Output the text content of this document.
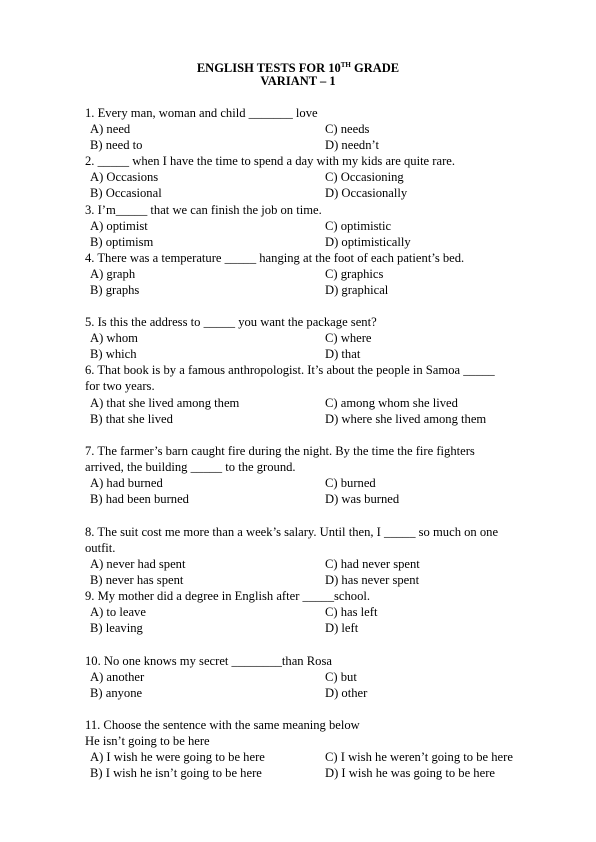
ENGLISH TESTS FOR 10TH GRADE
VARIANT – 1
1. Every man, woman and child _______ love
A) need	C) needs
B) need to	D) needn’t
2. _____ when I have the time to spend a day with my kids are quite rare.
A) Occasions	C) Occasioning
B) Occasional	D) Occasionally
3. I’m_____ that we can finish the job on time.
A) optimist	C) optimistic
B) optimism	D) optimistically
4. There was a temperature _____ hanging at the foot of each patient’s bed.
A) graph	C) graphics
B) graphs	D) graphical
5. Is this the address to _____ you want the package sent?
A) whom	C) where
B) which	D) that
6. That book is by a famous anthropologist. It’s about the people in Samoa _____
for two years.
A) that she lived among them	C) among whom she lived
B) that she lived	D) where she lived among them
7. The farmer’s barn caught fire during the night. By the time the fire fighters
arrived, the building _____ to the ground.
A) had burned	C) burned
B) had been burned	D) was burned
8. The suit cost me more than a week’s salary. Until then, I _____ so much on one
outfit.
A) never had spent	C) had never spent
B) never has spent	D) has never spent
9. My mother did a degree in English after _____school.
A) to leave	C) has left
B) leaving	D) left
10. No one knows my secret ________than Rosa
A) another	C) but
B) anyone	D) other
11. Choose the sentence with the same meaning below
He isn’t going to be here
A) I wish he were going to be here	C) I wish he weren’t going to be here
B) I wish he isn’t going to be here	D) I wish he was going to be here
